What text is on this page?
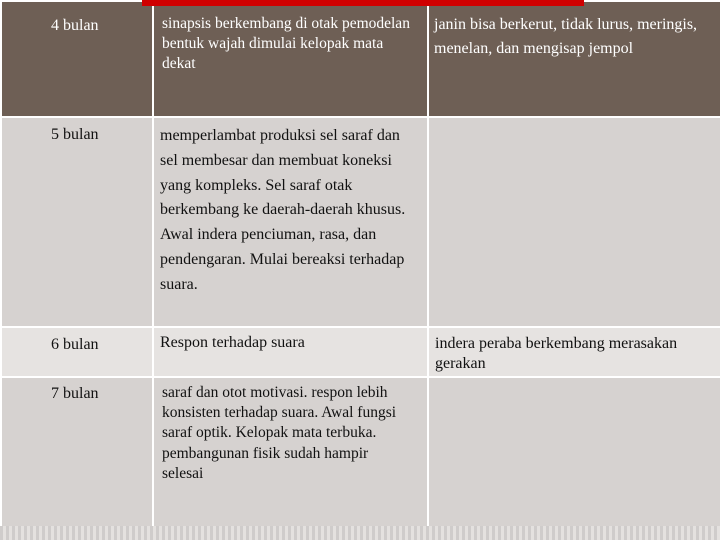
4 bulan	sinapsis berkembang di otak pemodelan bentuk wajah dimulai kelopak mata dekat	janin bisa berkerut, tidak lurus, meringis, menelan, dan mengisap jempol

5 bulan	memperlambat produksi sel saraf dan sel membesar dan membuat koneksi yang kompleks. Sel saraf otak berkembang ke daerah-daerah khusus. Awal indera penciuman, rasa, dan pendengaran. Mulai bereaksi terhadap suara.	

6 bulan	Respon terhadap suara	indera peraba berkembang merasakan gerakan

7 bulan	saraf dan otot motivasi. respon lebih konsisten terhadap suara. Awal fungsi saraf optik. Kelopak mata terbuka. pembangunan fisik sudah hampir selesai	
